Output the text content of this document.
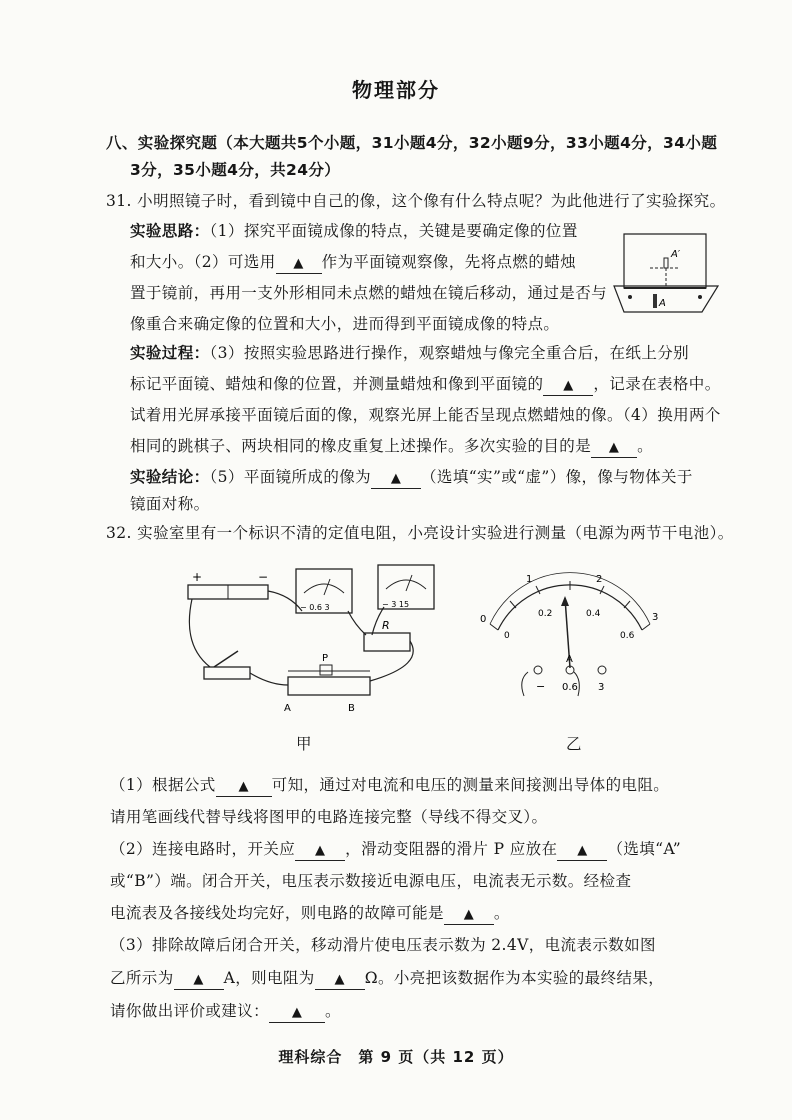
物理部分
八、实验探究题（本大题共5个小题，31小题4分，32小题9分，33小题4分，34小题
3分，35小题4分，共24分）
31. 小明照镜子时，看到镜中自己的像，这个像有什么特点呢？为此他进行了实验探究。
实验思路：（1）探究平面镜成像的特点，关键是要确定像的位置
和大小。（2）可选用 ▲ 作为平面镜观察像，先将点燃的蜡烛
置于镜前，再用一支外形相同未点燃的蜡烛在镜后移动，通过是否与
像重合来确定像的位置和大小，进而得到平面镜成像的特点。
A′
A
实验过程：（3）按照实验思路进行操作，观察蜡烛与像完全重合后，在纸上分别
标记平面镜、蜡烛和像的位置，并测量蜡烛和像到平面镜的 ▲ ，记录在表格中。
试着用光屏承接平面镜后面的像，观察光屏上能否呈现点燃蜡烛的像。（4）换用两个
相同的跳棋子、两块相同的橡皮重复上述操作。多次实验的目的是 ▲ 。
实验结论：（5）平面镜所成的像为 ▲ （选填“实”或“虚”）像，像与物体关于
镜面对称。
32. 实验室里有一个标识不清的定值电阻，小亮设计实验进行测量（电源为两节干电池）。
+	−
− 0.6 3	− 3 15
R
P
A	B
甲
0
1	2
3
0
0.2	0.4
0.6
A
− 0.6 3
乙
（1）根据公式 ▲ 可知，通过对电流和电压的测量来间接测出导体的电阻。
请用笔画线代替导线将图甲的电路连接完整（导线不得交叉）。
（2）连接电路时，开关应 ▲ ，滑动变阻器的滑片 P 应放在 ▲ （选填“A”
或“B”）端。闭合开关，电压表示数接近电源电压，电流表无示数。经检查
电流表及各接线处均完好，则电路的故障可能是 ▲ 。
（3）排除故障后闭合开关，移动滑片使电压表示数为 2.4V，电流表示数如图
乙所示为 ▲ A，则电阻为 ▲ Ω。小亮把该数据作为本实验的最终结果，
请你做出评价或建议： ▲ 。
理科综合　第 9 页（共 12 页）
